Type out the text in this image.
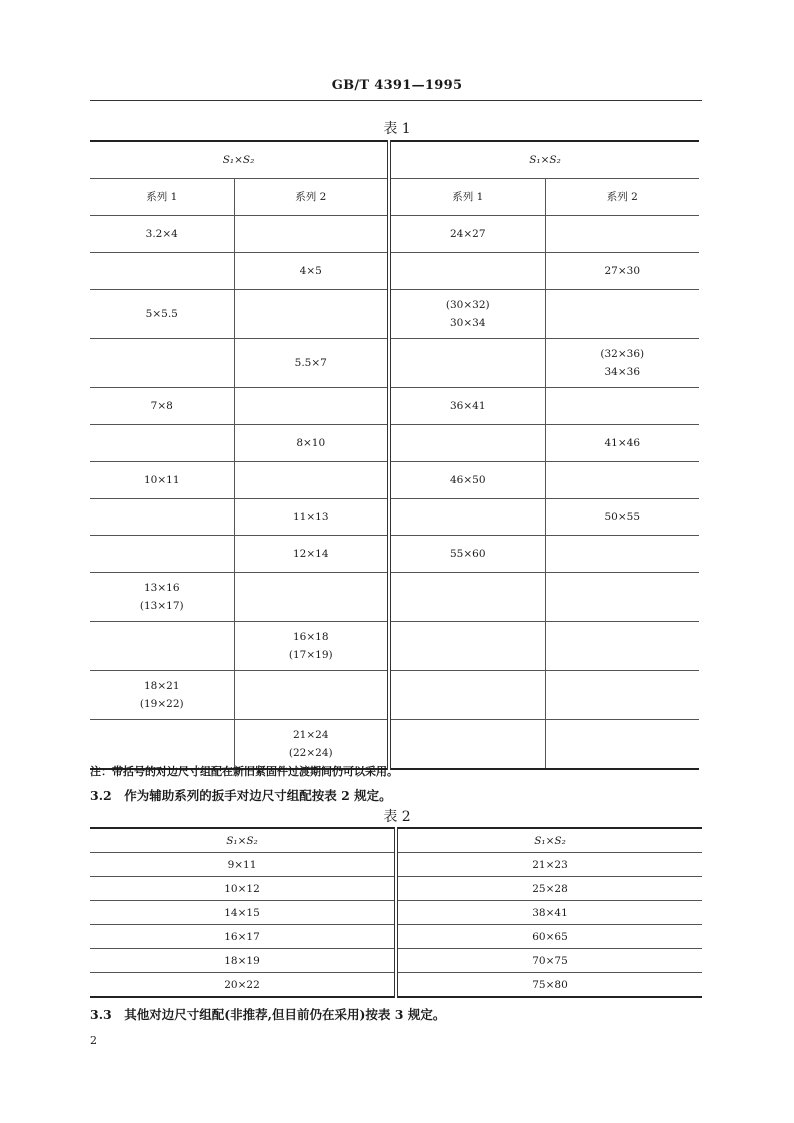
GB/T 4391—1995
表 1
S₁×S₂		S₁×S₂	
系列 1	系列 2	系列 1	系列 2

3.2×4		24×27	

	4×5		27×30

5×5.5		(30×32)
30×34	

	5.5×7		(32×36)
34×36

7×8		36×41	

	8×10		41×46

10×11		46×50	

	11×13		50×55

	12×14	55×60	

13×16
(13×17)			

	16×18
(17×19)		

18×21
(19×22)			

	21×24
(22×24)		

注：带括号的对边尺寸组配在新旧紧固件过渡期间仍可以采用。
3.2　作为辅助系列的扳手对边尺寸组配按表 2 规定。
表 2
S₁×S₂	S₁×S₂
9×11	21×23
10×12	25×28
14×15	38×41
16×17	60×65
18×19	70×75
20×22	75×80
3.3　其他对边尺寸组配(非推荐,但目前仍在采用)按表 3 规定。
2
